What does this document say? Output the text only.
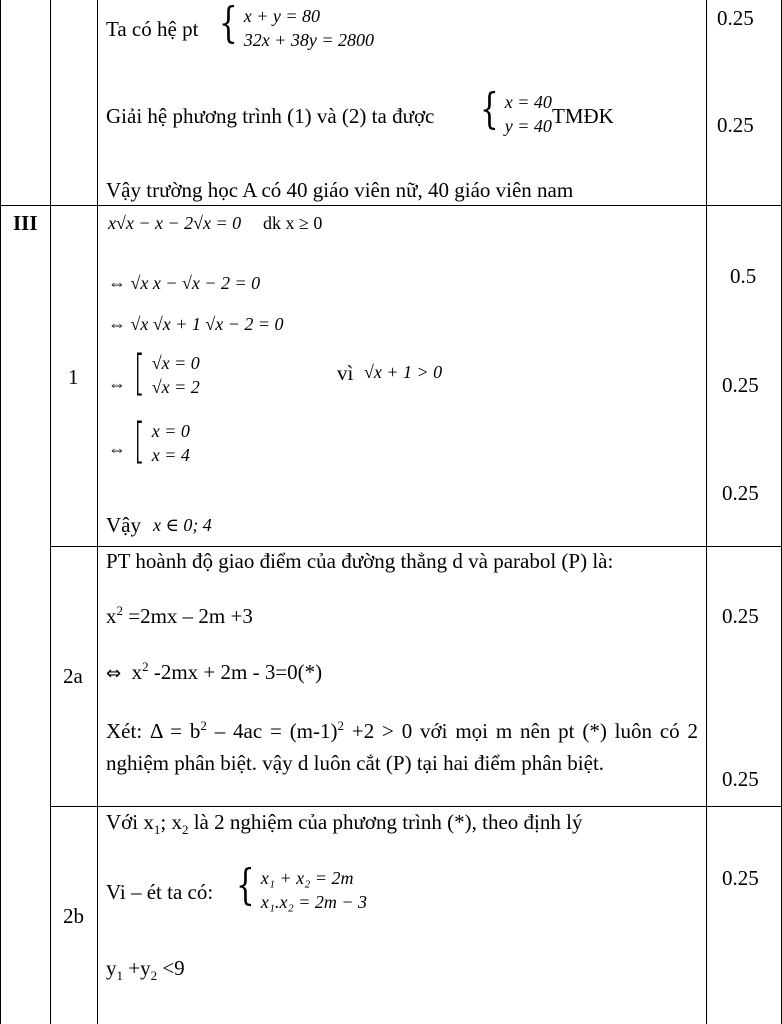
Ta có hệ pt { x + y = 80
32x + 38y = 2800
Giải hệ phương trình (1) và (2) ta được { x = 40
y = 40 TMĐK
Vậy trường học A có 40 giáo viên nữ, 40 giáo viên nam
0.25
0.25
III
1
x√x − x − 2√x = 0 dk x ≥ 0
⇔ √x x − √x − 2 = 0
⇔ √x √x + 1 √x − 2 = 0
⇔ [ √x = 0
√x = 2
vì √x + 1 > 0
⇔ [ x = 0
x = 4
Vậy x ∈ 0; 4
0.5
0.25
0.25
2a
PT hoành độ giao điểm của đường thẳng d và parabol (P) là:
$x^2 =2mx - 2m +3$
⇔  $x^2$ -2mx + 2m - 3=0(*)
Xét: $\Delta = b^2 - 4ac = (m-1)^2 +2 > 0$ với mọi m nên pt (*) luôn có 2 nghiệm phân biệt. vậy d luôn cắt (P) tại hai điểm phân biệt.
0.25
0.25
2b
Với $x_1$; $x_2$ là 2 nghiệm của phương trình (*), theo định lý
Vi – ét ta có: { x₁ + x₂ = 2m
x₁.x₂ = 2m − 3
$y_1 +y_2 <9$
0.25
